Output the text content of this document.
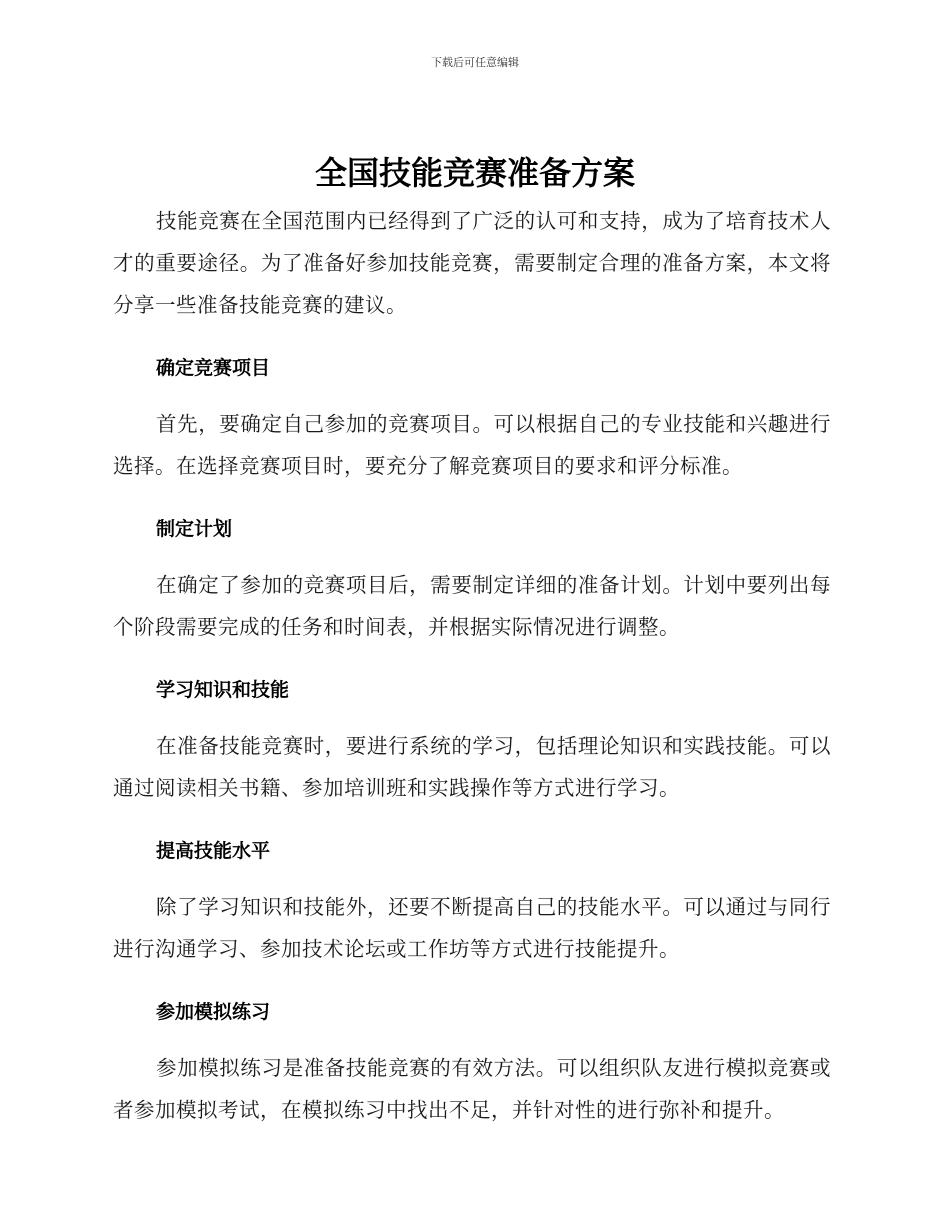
下载后可任意编辑
全国技能竞赛准备方案

技能竞赛在全国范围内已经得到了广泛的认可和支持，成为了培育技术人才的重要途径。为了准备好参加技能竞赛，需要制定合理的准备方案，本文将分享一些准备技能竞赛的建议。

确定竞赛项目

首先，要确定自己参加的竞赛项目。可以根据自己的专业技能和兴趣进行选择。在选择竞赛项目时，要充分了解竞赛项目的要求和评分标准。

制定计划

在确定了参加的竞赛项目后，需要制定详细的准备计划。计划中要列出每个阶段需要完成的任务和时间表，并根据实际情况进行调整。

学习知识和技能

在准备技能竞赛时，要进行系统的学习，包括理论知识和实践技能。可以通过阅读相关书籍、参加培训班和实践操作等方式进行学习。

提高技能水平

除了学习知识和技能外，还要不断提高自己的技能水平。可以通过与同行进行沟通学习、参加技术论坛或工作坊等方式进行技能提升。

参加模拟练习

参加模拟练习是准备技能竞赛的有效方法。可以组织队友进行模拟竞赛或者参加模拟考试，在模拟练习中找出不足，并针对性的进行弥补和提升。
